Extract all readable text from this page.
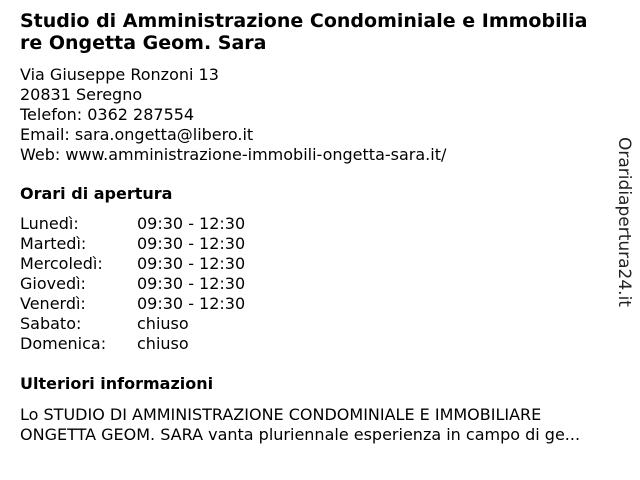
Studio di Amministrazione Condominiale e Immobilia
re Ongetta Geom. Sara
Via Giuseppe Ronzoni 13
20831 Seregno
Telefon: 0362 287554
Email: sara.ongetta@libero.it
Web: www.amministrazione-immobili-ongetta-sara.it/
Orari di apertura
Lunedì:	09:30 - 12:30
Martedì:	09:30 - 12:30
Mercoledì: 09:30 - 12:30
Giovedì:	09:30 - 12:30
Venerdì:	09:30 - 12:30
Sabato:	chiuso
Domenica: chiuso
Ulteriori informazioni
Lo STUDIO DI AMMINISTRAZIONE CONDOMINIALE E IMMOBILIARE
ONGETTA GEOM. SARA vanta pluriennale esperienza in campo di ge...
Oraridiapertura24.it
